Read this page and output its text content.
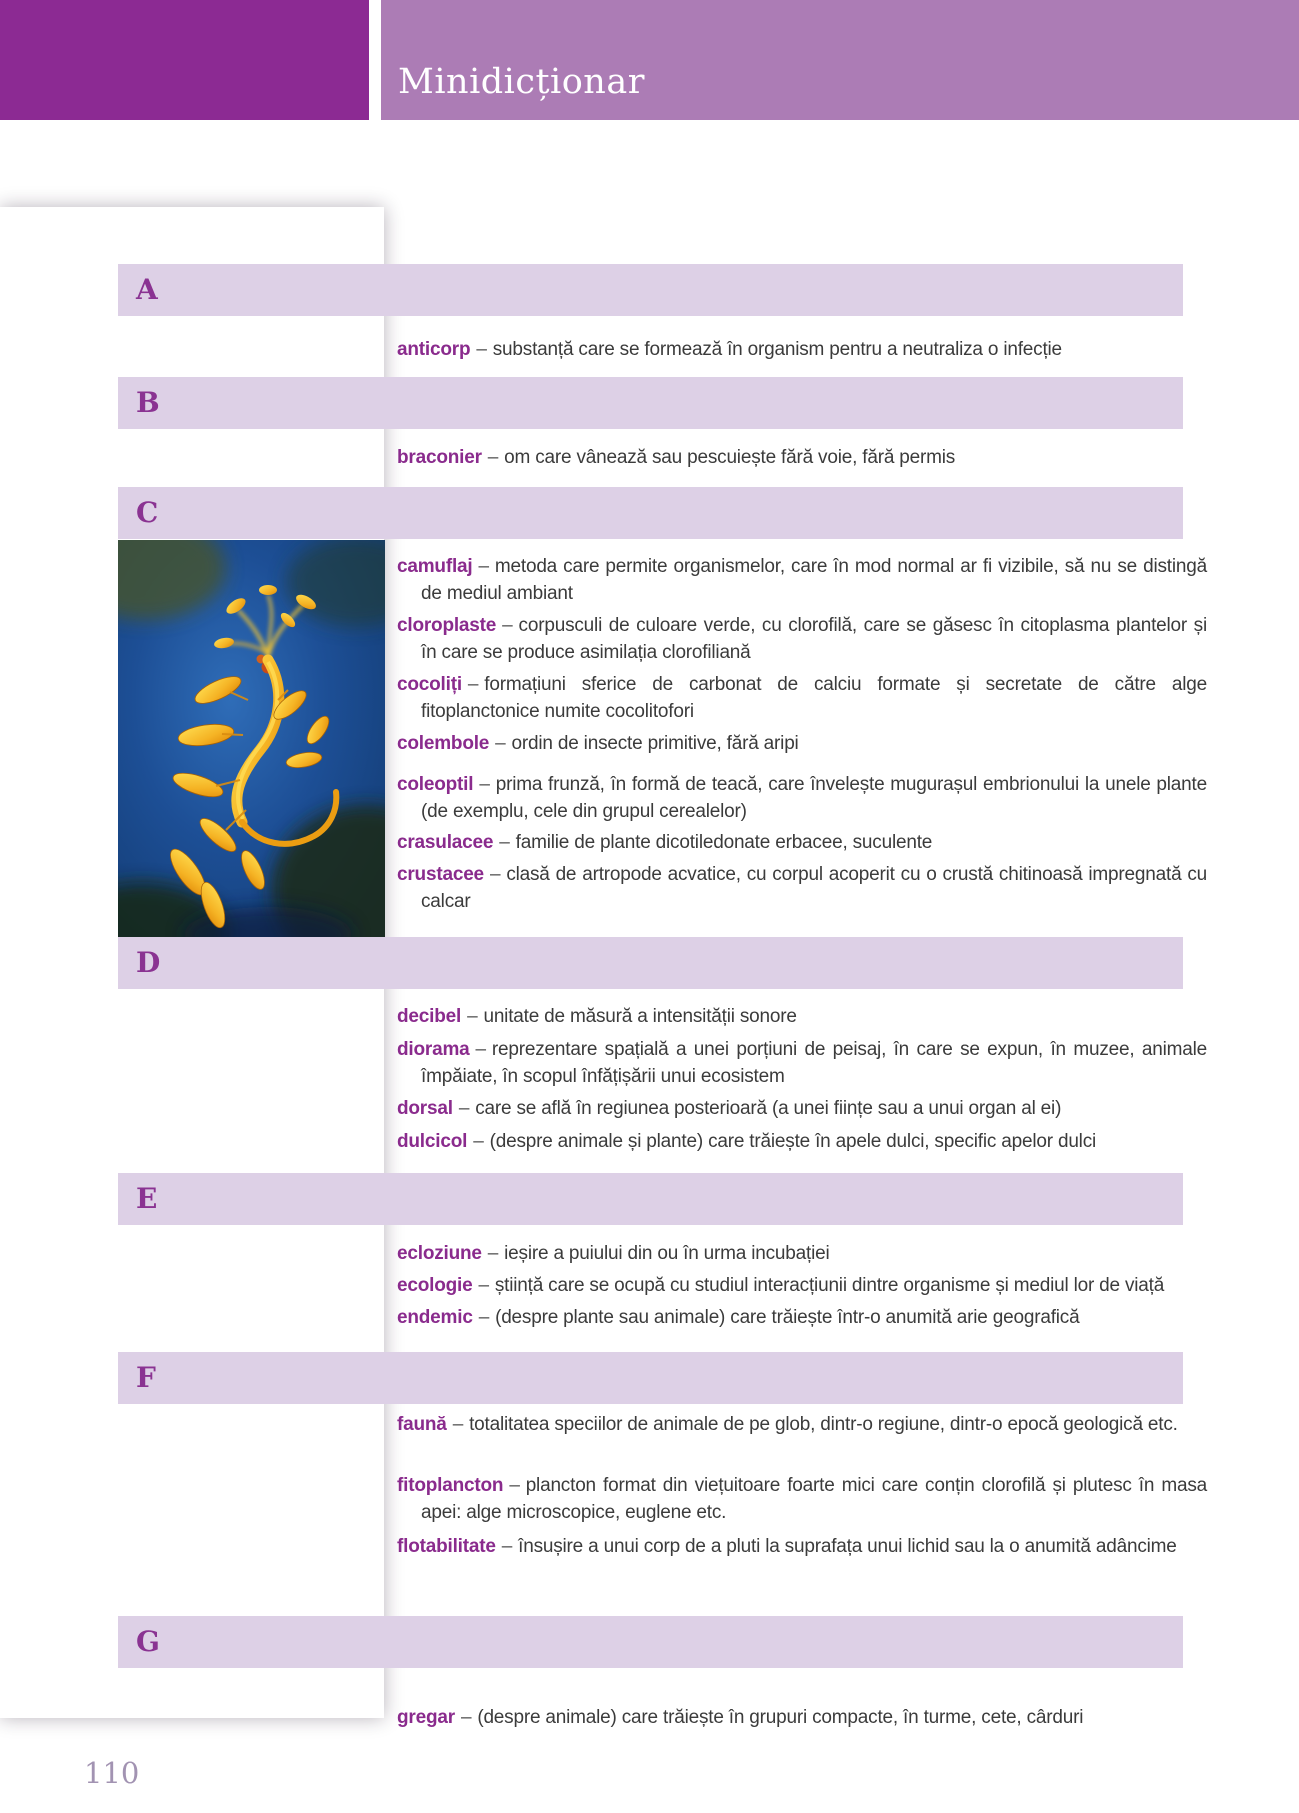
Minidicționar
A
B
C
D
E
F
G

anticorp – substanță care se formează în organism pentru a neutraliza o infecție

braconier – om care vânează sau pescuiește fără voie, fără permis

camuflaj – metoda care permite organismelor, care în mod normal ar fi vizibile, să nu se distingă de mediul ambiant

cloroplaste – corpusculi de culoare verde, cu clorofilă, care se găsesc în citoplasma plantelor și în care se produce asimilația clorofiliană

cocoliți – formațiuni sferice de carbonat de calciu formate și secretate de către alge fitoplanctonice numite cocolitofori

colembole – ordin de insecte primitive, fără aripi

coleoptil – prima frunză, în formă de teacă, care învelește mugurașul embrionului la unele plante (de exemplu, cele din grupul cerealelor)

crasulacee – familie de plante dicotiledonate erbacee, suculente

crustacee – clasă de artropode acvatice, cu corpul acoperit cu o crustă chitinoasă impregnată cu calcar

decibel – unitate de măsură a intensității sonore

diorama – reprezentare spațială a unei porțiuni de peisaj, în care se expun, în muzee, animale împăiate, în scopul înfățișării unui ecosistem

dorsal – care se află în regiunea posterioară (a unei ființe sau a unui organ al ei)

dulcicol – (despre animale și plante) care trăiește în apele dulci, specific apelor dulci

ecloziune – ieșire a puiului din ou în urma incubației

ecologie – știință care se ocupă cu studiul interacțiunii dintre organisme și mediul lor de viață

endemic – (despre plante sau animale) care trăiește într-o anumită arie geografică

faună – totalitatea speciilor de animale de pe glob, dintr-o regiune, dintr-o epocă geologică etc.

fitoplancton – plancton format din viețuitoare foarte mici care conțin clorofilă și plutesc în masa apei: alge microscopice, euglene etc.

flotabilitate – însușire a unui corp de a pluti la suprafața unui lichid sau la o anumită adâncime

gregar – (despre animale) care trăiește în grupuri compacte, în turme, cete, cârduri

110
